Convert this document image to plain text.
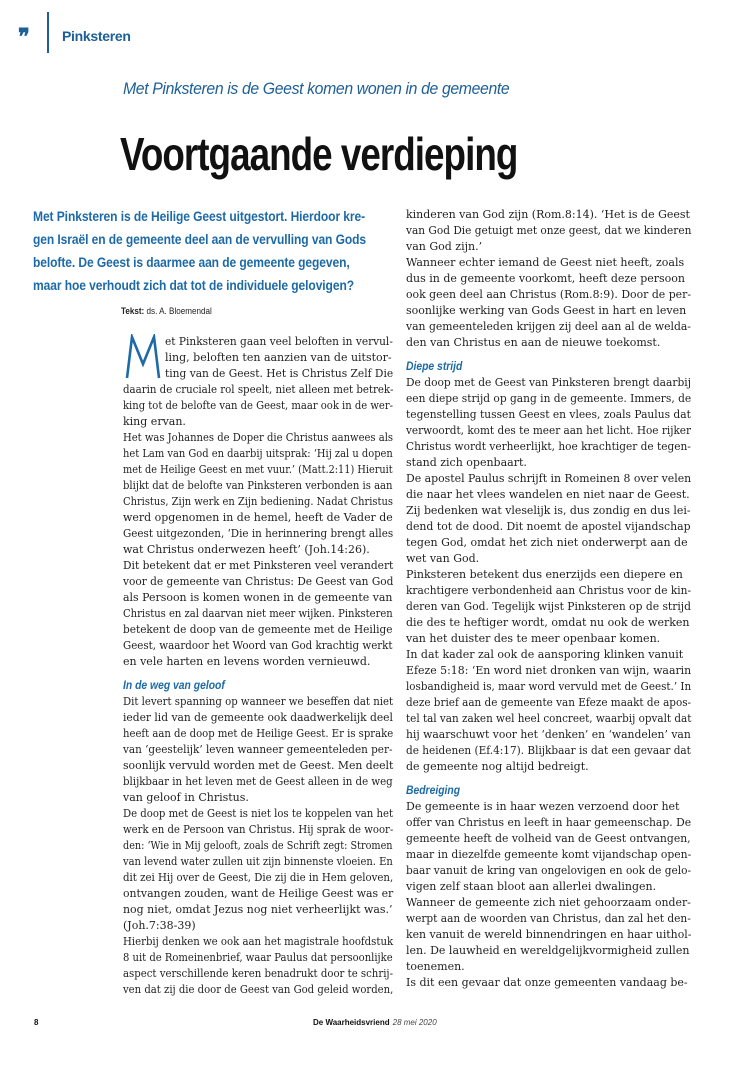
❞ Pinksteren
Met Pinksteren is de Geest komen wonen in de gemeente
Voortgaande verdieping
Met Pinksteren is de Heilige Geest uitgestort. Hierdoor kre-
gen Israël en de gemeente deel aan de vervulling van Gods
belofte. De Geest is daarmee aan de gemeente gegeven,
maar hoe verhoudt zich dat tot de individuele gelovigen?
Tekst: ds. A. Bloemendal
et Pinksteren gaan veel beloften in vervul-
ling, beloften ten aanzien van de uitstor-
ting van de Geest. Het is Christus Zelf Die
daarin de cruciale rol speelt, niet alleen met betrek-
king tot de belofte van de Geest, maar ook in de wer-
king ervan.
Het was Johannes de Doper die Christus aanwees als
het Lam van God en daarbij uitsprak: ‘Hij zal u dopen
met de Heilige Geest en met vuur.’ (Matt.2:11) Hieruit
blijkt dat de belofte van Pinksteren verbonden is aan
Christus, Zijn werk en Zijn bediening. Nadat Christus
werd opgenomen in de hemel, heeft de Vader de
Geest uitgezonden, ‘Die in herinnering brengt alles
wat Christus onderwezen heeft’ (Joh.14:26).
Dit betekent dat er met Pinksteren veel verandert
voor de gemeente van Christus: De Geest van God
als Persoon is komen wonen in de gemeente van
Christus en zal daarvan niet meer wijken. Pinksteren
betekent de doop van de gemeente met de Heilige
Geest, waardoor het Woord van God krachtig werkt
en vele harten en levens worden vernieuwd.
In de weg van geloof
Dit levert spanning op wanneer we beseffen dat niet
ieder lid van de gemeente ook daadwerkelijk deel
heeft aan de doop met de Heilige Geest. Er is sprake
van ‘geestelijk’ leven wanneer gemeenteleden per-
soonlijk vervuld worden met de Geest. Men deelt
blijkbaar in het leven met de Geest alleen in de weg
van geloof in Christus.
De doop met de Geest is niet los te koppelen van het
werk en de Persoon van Christus. Hij sprak de woor-
den: ‘Wie in Mij gelooft, zoals de Schrift zegt: Stromen
van levend water zullen uit zijn binnenste vloeien. En
dit zei Hij over de Geest, Die zij die in Hem geloven,
ontvangen zouden, want de Heilige Geest was er
nog niet, omdat Jezus nog niet verheerlijkt was.’
(Joh.7:38-39)
Hierbij denken we ook aan het magistrale hoofdstuk
8 uit de Romeinenbrief, waar Paulus dat persoonlijke
aspect verschillende keren benadrukt door te schrij-
ven dat zij die door de Geest van God geleid worden,
kinderen van God zijn (Rom.8:14). ‘Het is de Geest
van God Die getuigt met onze geest, dat we kinderen
van God zijn.’
Wanneer echter iemand de Geest niet heeft, zoals
dus in de gemeente voorkomt, heeft deze persoon
ook geen deel aan Christus (Rom.8:9). Door de per-
soonlijke werking van Gods Geest in hart en leven
van gemeenteleden krijgen zij deel aan al de welda-
den van Christus en aan de nieuwe toekomst.
Diepe strijd
De doop met de Geest van Pinksteren brengt daarbij
een diepe strijd op gang in de gemeente. Immers, de
tegenstelling tussen Geest en vlees, zoals Paulus dat
verwoordt, komt des te meer aan het licht. Hoe rijker
Christus wordt verheerlijkt, hoe krachtiger de tegen-
stand zich openbaart.
De apostel Paulus schrijft in Romeinen 8 over velen
die naar het vlees wandelen en niet naar de Geest.
Zij bedenken wat vleselijk is, dus zondig en dus lei-
dend tot de dood. Dit noemt de apostel vijandschap
tegen God, omdat het zich niet onderwerpt aan de
wet van God.
Pinksteren betekent dus enerzijds een diepere en
krachtigere verbondenheid aan Christus voor de kin-
deren van God. Tegelijk wijst Pinksteren op de strijd
die des te heftiger wordt, omdat nu ook de werken
van het duister des te meer openbaar komen.
In dat kader zal ook de aansporing klinken vanuit
Efeze 5:18: ‘En word niet dronken van wijn, waarin
losbandigheid is, maar word vervuld met de Geest.’ In
deze brief aan de gemeente van Efeze maakt de apos-
tel tal van zaken wel heel concreet, waarbij opvalt dat
hij waarschuwt voor het ‘denken’ en ‘wandelen’ van
de heidenen (Ef.4:17). Blijkbaar is dat een gevaar dat
de gemeente nog altijd bedreigt.
Bedreiging
De gemeente is in haar wezen verzoend door het
offer van Christus en leeft in haar gemeenschap. De
gemeente heeft de volheid van de Geest ontvangen,
maar in diezelfde gemeente komt vijandschap open-
baar vanuit de kring van ongelovigen en ook de gelo-
vigen zelf staan bloot aan allerlei dwalingen.
Wanneer de gemeente zich niet gehoorzaam onder-
werpt aan de woorden van Christus, dan zal het den-
ken vanuit de wereld binnendringen en haar uithol-
len. De lauwheid en wereldgelijkvormigheid zullen
toenemen.
Is dit een gevaar dat onze gemeenten vandaag be-
8	De Waarheidsvriend 28 mei 2020
